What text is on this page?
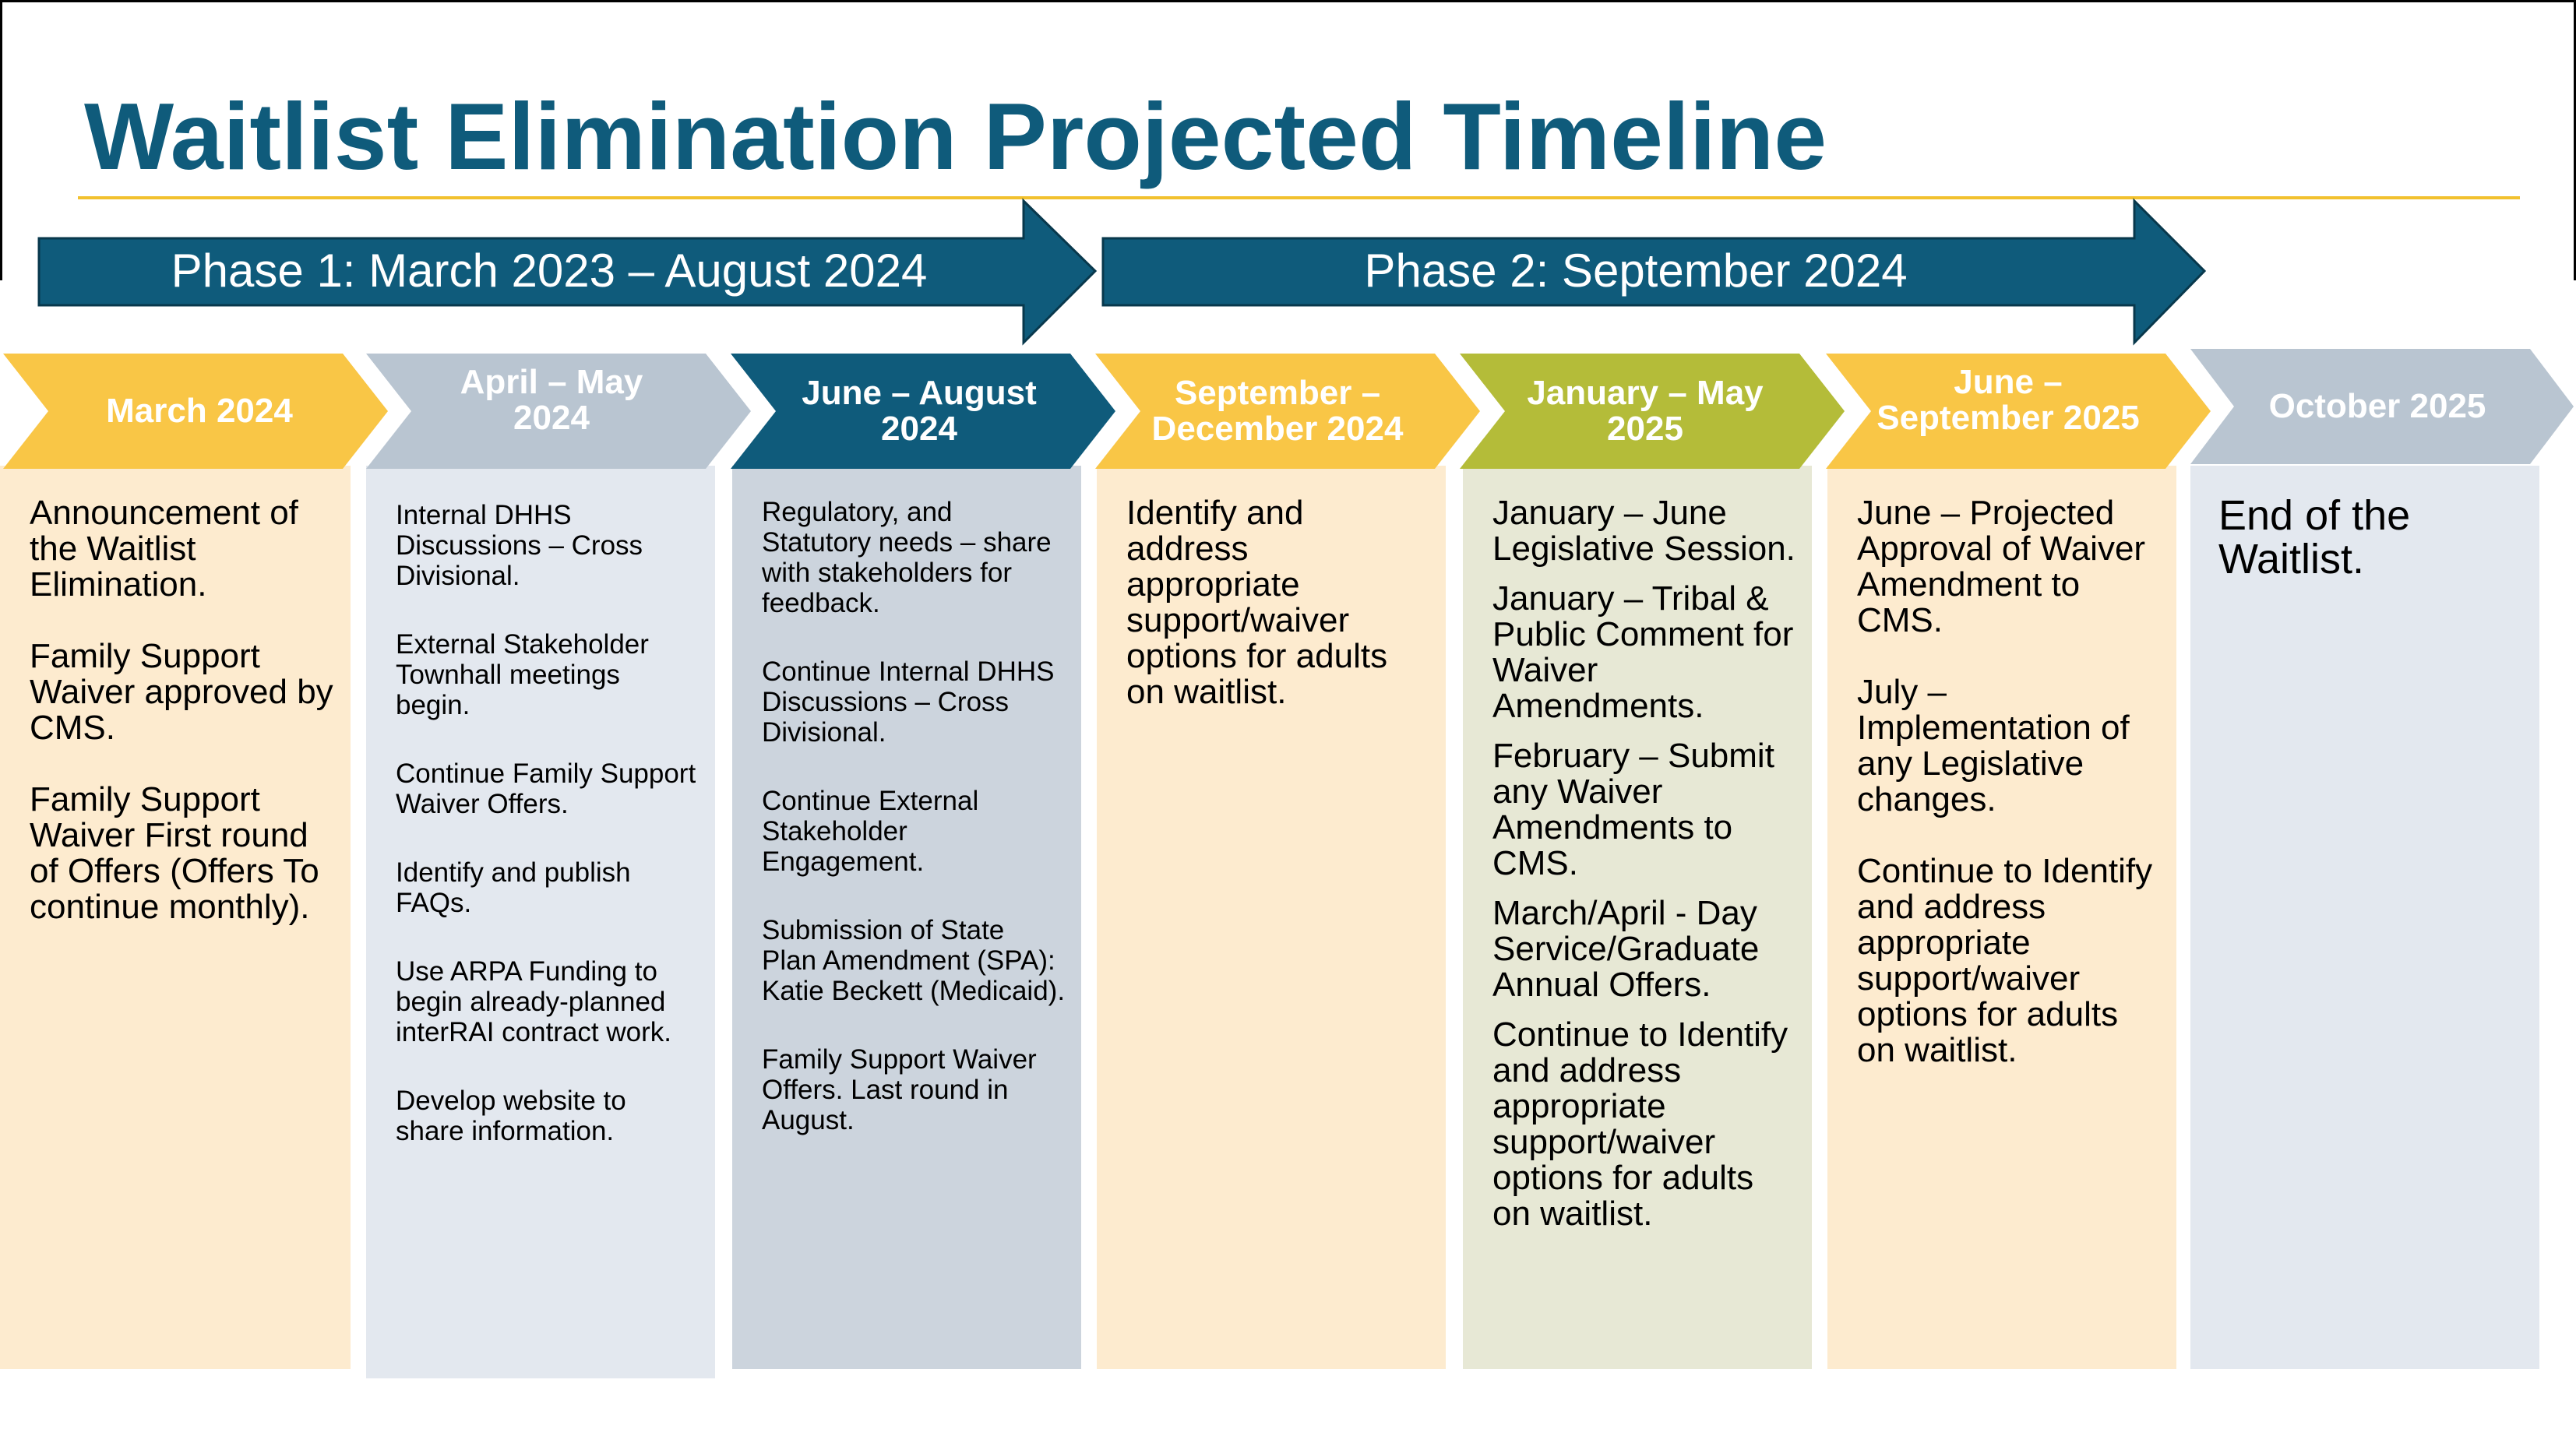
Waitlist Elimination Projected Timeline
Phase 1: March 2023 – August 2024	Phase 2: September 2024
Announcement of the Waitlist Elimination.
Family Support Waiver approved by CMS.
Family Support Waiver First round of Offers (Offers To continue monthly).
March 2024
Internal DHHS Discussions – Cross Divisional.
External Stakeholder Townhall meetings begin.
Continue Family Support Waiver Offers.
Identify and publish FAQs.
Use ARPA Funding to begin already-planned interRAI contract work.
Develop website to share information.
April – May
2024
Regulatory, and Statutory needs – share with stakeholders for feedback.
Continue Internal DHHS Discussions – Cross Divisional.
Continue External Stakeholder Engagement.
Submission of State Plan Amendment (SPA): Katie Beckett (Medicaid).
Family Support Waiver Offers. Last round in August.
June – August
2024
Identify and address appropriate support/waiver options for adults on waitlist.
September –
December 2024
January – June Legislative Session.
January – Tribal & Public Comment for Waiver Amendments.
February – Submit any Waiver Amendments to CMS.
March/April - Day Service/Graduate Annual Offers.
Continue to Identify and address appropriate support/waiver options for adults on waitlist.
January – May
2025
June – Projected Approval of Waiver Amendment to CMS.
July – Implementation of any Legislative changes.
Continue to Identify and address appropriate support/waiver options for adults on waitlist.
June –
September 2025
End of the Waitlist.
October 2025
